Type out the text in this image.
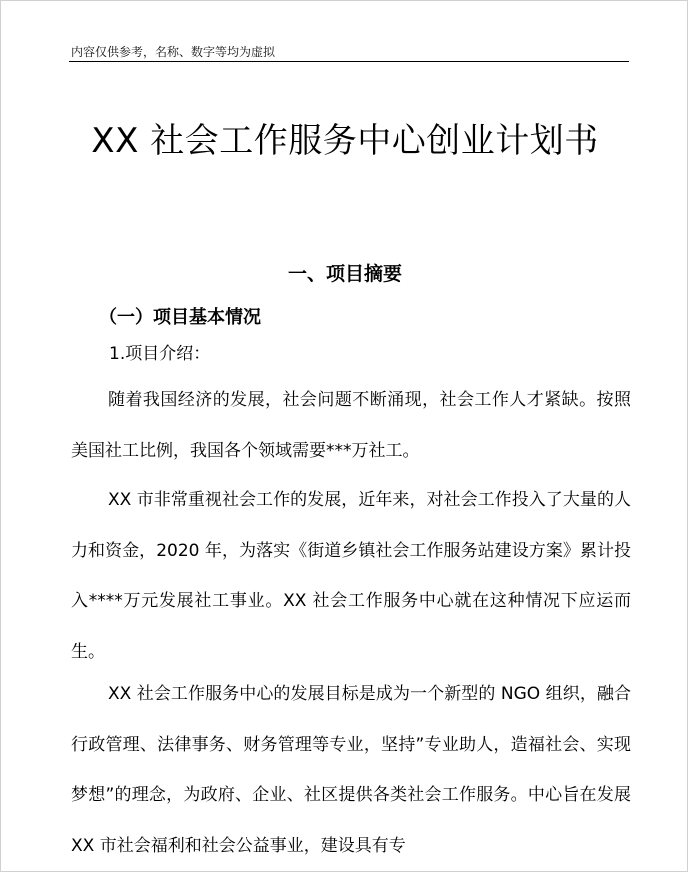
内容仅供参考，名称、数字等均为虚拟
XX 社会工作服务中心创业计划书
一、项目摘要
（一）项目基本情况

1.项目介绍：

随着我国经济的发展，社会问题不断涌现，社会工作人才紧缺。按照美国社工比例，我国各个领域需要***万社工。

XX 市非常重视社会工作的发展，近年来，对社会工作投入了大量的人力和资金，2020 年，为落实《街道乡镇社会工作服务站建设方案》累计投入****万元发展社工事业。XX 社会工作服务中心就在这种情况下应运而生。

XX 社会工作服务中心的发展目标是成为一个新型的 NGO 组织，融合行政管理、法律事务、财务管理等专业，坚持”专业助人，造福社会、实现梦想”的理念，为政府、企业、社区提供各类社会工作服务。中心旨在发展 XX 市社会福利和社会公益事业，建设具有专
